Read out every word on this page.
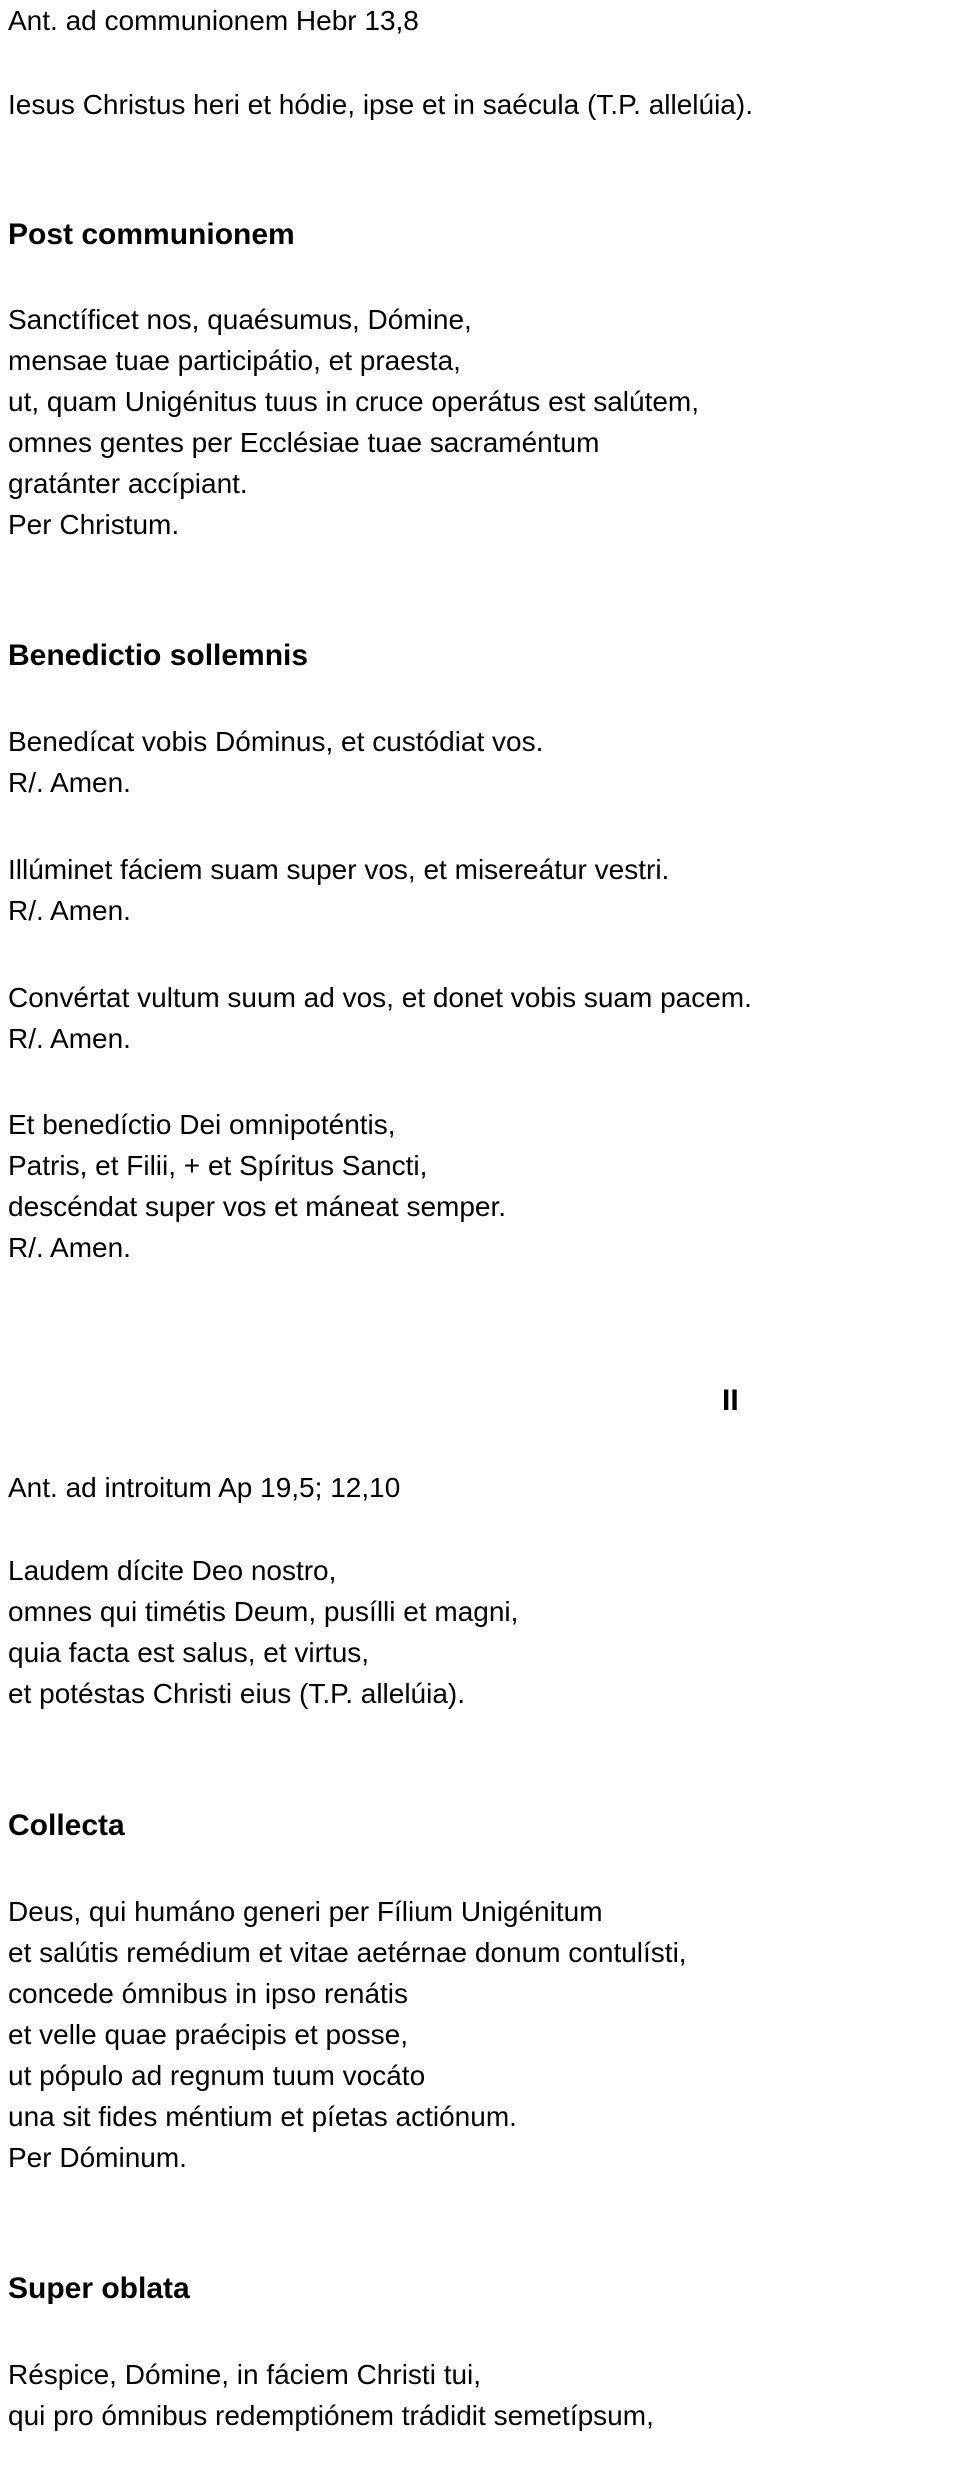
Ant. ad communionem Hebr 13,8
Iesus Christus heri et hódie, ipse et in saécula (T.P. allelúia).
Post communionem
Sanctíficet nos, quaésumus, Dómine,
mensae tuae participátio, et praesta,
ut, quam Unigénitus tuus in cruce operátus est salútem,
omnes gentes per Ecclésiae tuae sacraméntum
gratánter accípiant.
Per Christum.
Benedictio sollemnis
Benedícat vobis Dóminus, et custódiat vos.
R/. Amen.
Illúminet fáciem suam super vos, et misereátur vestri.
R/. Amen.
Convértat vultum suum ad vos, et donet vobis suam pacem.
R/. Amen.
Et benedíctio Dei omnipoténtis,
Patris, et Filii, + et Spíritus Sancti,
descéndat super vos et máneat semper.
R/. Amen.
II
Ant. ad introitum Ap 19,5; 12,10
Laudem dícite Deo nostro,
omnes qui timétis Deum, pusílli et magni,
quia facta est salus, et virtus,
et potéstas Christi eius (T.P. allelúia).
Collecta
Deus, qui humáno generi per Fílium Unigénitum
et salútis remédium et vitae aetérnae donum contulísti,
concede ómnibus in ipso renátis
et velle quae praécipis et posse,
ut pópulo ad regnum tuum vocáto
una sit fides méntium et píetas actiónum.
Per Dóminum.
Super oblata
Réspice, Dómine, in fáciem Christi tui,
qui pro ómnibus redemptiónem trádidit semetípsum,
